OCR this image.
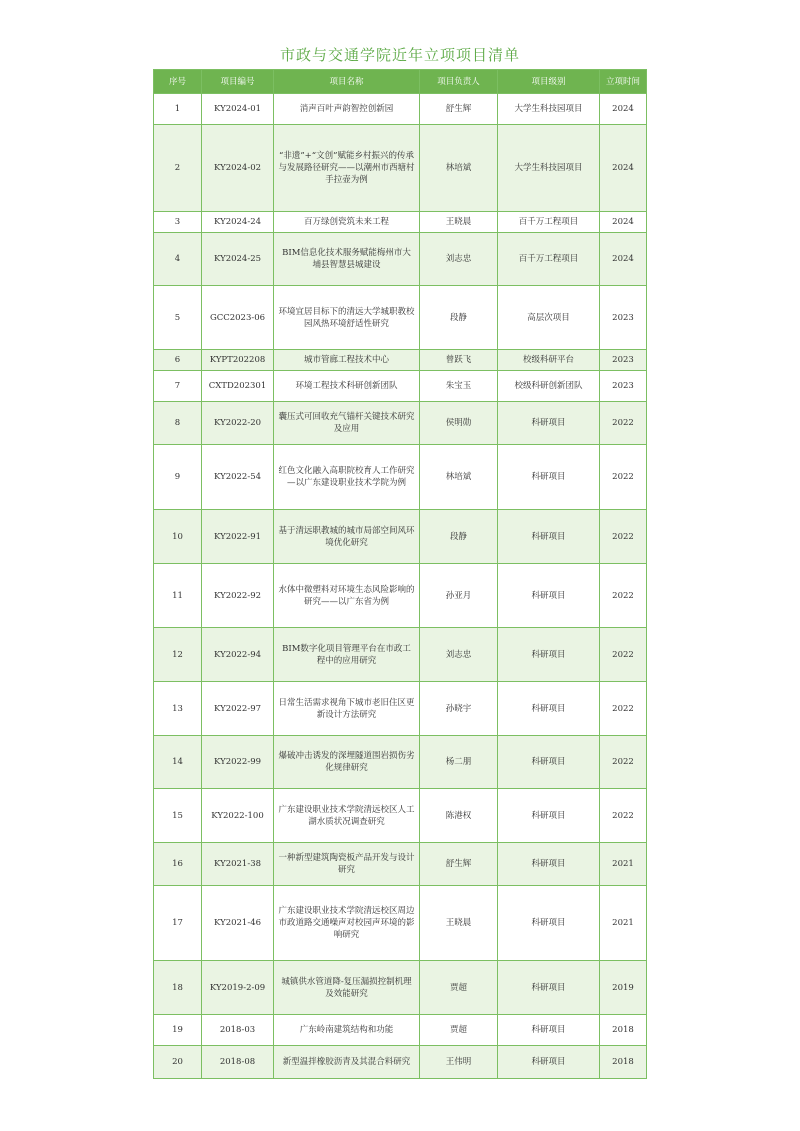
市政与交通学院近年立项项目清单
序号	项目编号	项目名称	项目负责人	项目级别	立项时间
1	KY2024-01	消声百叶声韵智控创新园	舒生辉	大学生科技园项目	2024
2	KY2024-02	“非遗”+“文创”赋能乡村振兴的传承与发展路径研究——以潮州市西塘村手拉壶为例	林培斌	大学生科技园项目	2024
3	KY2024-24	百万绿创瓷筑未来工程	王晓晨	百千万工程项目	2024
4	KY2024-25	BIM信息化技术服务赋能梅州市大埔县智慧县城建设	刘志忠	百千万工程项目	2024
5	GCC2023-06	环境宜居目标下的清远大学城职教校园风热环境舒适性研究	段静	高层次项目	2023
6	KYPT202208	城市管廊工程技术中心	曾跃飞	校级科研平台	2023
7	CXTD202301	环境工程技术科研创新团队	朱宝玉	校级科研创新团队	2023
8	KY2022-20	囊压式可回收充气锚杆关键技术研究及应用	侯明勋	科研项目	2022
9	KY2022-54	红色文化融入高职院校育人工作研究—以广东建设职业技术学院为例	林培斌	科研项目	2022
10	KY2022-91	基于清远职教城的城市局部空间风环境优化研究	段静	科研项目	2022
11	KY2022-92	水体中微塑料对环境生态风险影响的研究——以广东省为例	孙亚月	科研项目	2022
12	KY2022-94	BIM数字化项目管理平台在市政工程中的应用研究	刘志忠	科研项目	2022
13	KY2022-97	日常生活需求视角下城市老旧住区更新设计方法研究	孙晓宇	科研项目	2022
14	KY2022-99	爆破冲击诱发的深埋隧道围岩损伤劣化规律研究	杨二朋	科研项目	2022
15	KY2022-100	广东建设职业技术学院清远校区人工湖水质状况调查研究	陈港权	科研项目	2022
16	KY2021-38	一种新型建筑陶瓷板产品开发与设计研究	舒生辉	科研项目	2021
17	KY2021-46	广东建设职业技术学院清远校区周边市政道路交通噪声对校园声环境的影响研究	王晓晨	科研项目	2021
18	KY2019-2-09	城镇供水管道降-复压漏损控制机理及效能研究	贾超	科研项目	2019
19	2018-03	广东岭南建筑结构和功能	贾超	科研项目	2018
20	2018-08	新型温拌橡胶沥青及其混合料研究	王伟明	科研项目	2018
